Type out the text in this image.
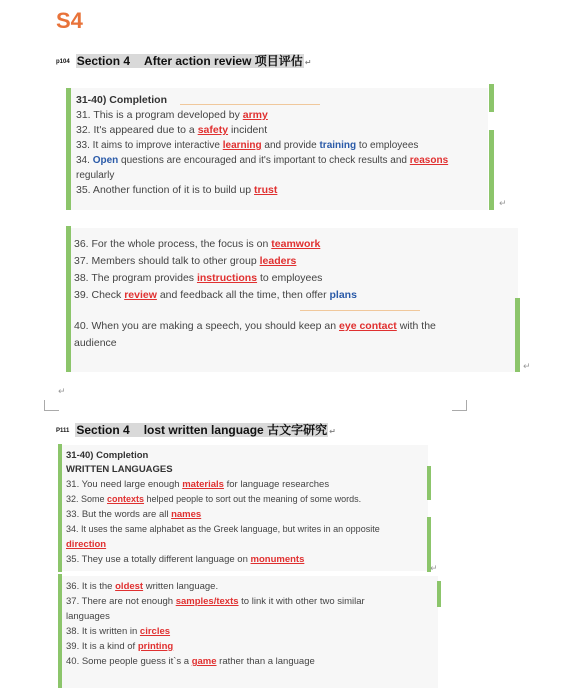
S4
p104 Section 4 After action review 项目评估 ↵
31-40) Completion
31. This is a program developed by army
32. It's appeared due to a safety incident
33. It aims to improve interactive learning and provide training to employees
34. Open questions are encouraged and it's important to check results and reasons regularly
35. Another function of it is to build up trust
↵
36. For the whole process, the focus is on teamwork
37. Members should talk to other group leaders
38. The program provides instructions to employees
39. Check review and feedback all the time, then offer plans
40. When you are making a speech, you should keep an eye contact with the
audience
↵
↵
P111 Section 4 lost written language 古文字研究 ↵
31-40) Completion
WRITTEN LANGUAGES
31. You need large enough materials for language researches
32. Some contexts helped people to sort out the meaning of some words.
33. But the words are all names
34. It uses the same alphabet as the Greek language, but writes in an opposite
direction
35. They use a totally different language on monuments
↵
36. It is the oldest written language.
37. There are not enough samples/texts to link it with other two similar
languages
38. It is written in circles
39. It is a kind of printing
40. Some people guess it`s a game rather than a language
